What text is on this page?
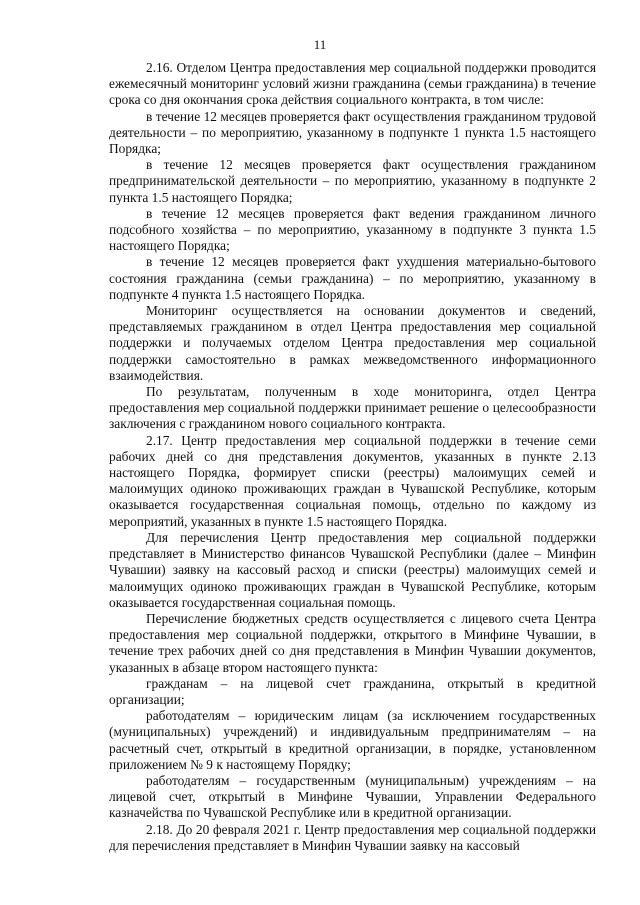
11

2.16. Отделом Центра предоставления мер социальной поддержки проводится ежемесячный мониторинг условий жизни гражданина (семьи гражданина) в течение срока со дня окончания срока действия социального контракта, в том числе:

в течение 12 месяцев проверяется факт осуществления гражданином трудовой деятельности – по мероприятию, указанному в подпункте 1 пункта 1.5 настоящего Порядка;

в течение 12 месяцев проверяется факт осуществления гражданином предпринимательской деятельности – по мероприятию, указанному в подпункте 2 пункта 1.5 настоящего Порядка;

в течение 12 месяцев проверяется факт ведения гражданином личного подсобного хозяйства – по мероприятию, указанному в подпункте 3 пункта 1.5 настоящего Порядка;

в течение 12 месяцев проверяется факт ухудшения материально-бытового состояния гражданина (семьи гражданина) – по мероприятию, указанному в подпункте 4 пункта 1.5 настоящего Порядка.

Мониторинг осуществляется на основании документов и сведений, представляемых гражданином в отдел Центра предоставления мер социальной поддержки и получаемых отделом Центра предоставления мер социальной поддержки самостоятельно в рамках межведомственного информационного взаимодействия.

По результатам, полученным в ходе мониторинга, отдел Центра предоставления мер социальной поддержки принимает решение о целесообразности заключения с гражданином нового социального контракта.

2.17. Центр предоставления мер социальной поддержки в течение семи рабочих дней со дня представления документов, указанных в пункте 2.13 настоящего Порядка, формирует списки (реестры) малоимущих семей и малоимущих одиноко проживающих граждан в Чувашской Республике, которым оказывается государственная социальная помощь, отдельно по каждому из мероприятий, указанных в пункте 1.5 настоящего Порядка.

Для перечисления Центр предоставления мер социальной поддержки представляет в Министерство финансов Чувашской Республики (далее – Минфин Чувашии) заявку на кассовый расход и списки (реестры) малоимущих семей и малоимущих одиноко проживающих граждан в Чувашской Республике, которым оказывается государственная социальная помощь.

Перечисление бюджетных средств осуществляется с лицевого счета Центра предоставления мер социальной поддержки, открытого в Минфине Чувашии, в течение трех рабочих дней со дня представления в Минфин Чувашии документов, указанных в абзаце втором настоящего пункта:

гражданам – на лицевой счет гражданина, открытый в кредитной организации;

работодателям – юридическим лицам (за исключением государственных (муниципальных) учреждений) и индивидуальным предпринимателям – на расчетный счет, открытый в кредитной организации, в порядке, установленном приложением № 9 к настоящему Порядку;

работодателям – государственным (муниципальным) учреждениям – на лицевой счет, открытый в Минфине Чувашии, Управлении Федерального казначейства по Чувашской Республике или в кредитной организации.

2.18. До 20 февраля 2021 г. Центр предоставления мер социальной поддержки для перечисления представляет в Минфин Чувашии заявку на кассовый
